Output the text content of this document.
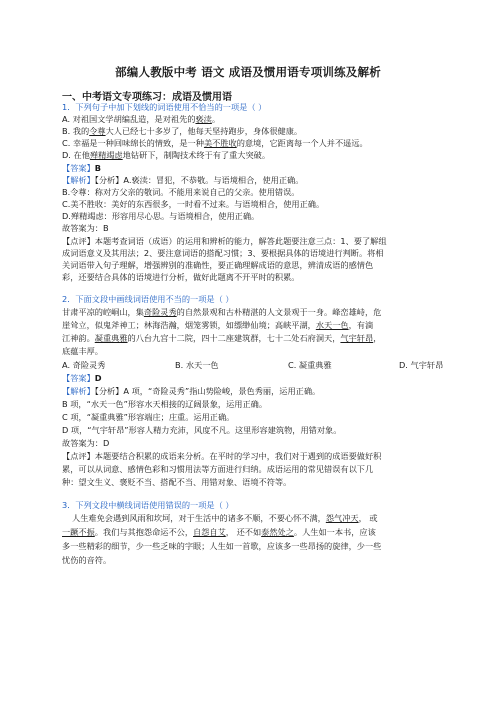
部编人教版中考 语文 成语及惯用语专项训练及解析
一、中考语文专项练习：成语及惯用语
1．下列句子中加下划线的词语使用不恰当的一项是（ ）
A. 对祖国文学胡编乱造，是对祖先的亵渎。
B. 我的令尊大人已经七十多岁了，他每天坚持跑步，身体很健康。
C. 幸福是一种回味绵长的情致，是一种美不胜收的意境，它距离每一个人并不遥远。
D. 在他殚精竭虑地钻研下，制陶技术终于有了重大突破。
【答案】B
【解析】【分析】A.亵渎：冒犯，不恭敬。与语境相合，使用正确。
B.令尊：称对方父亲的敬词。不能用来说自己的父亲。使用错误。
C.美不胜收：美好的东西很多，一时看不过来。与语境相合，使用正确。
D.殚精竭虑：形容用尽心思。与语境相合，使用正确。
故答案为：B
【点评】本题考查词语（成语）的运用和辨析的能力，解答此题要注意三点：1、要了解组
成词语意义及其用法；2、要注意词语的搭配习惯；3、要根据具体的语境进行判断。将相
关词语带入句子理解，增强辨别的准确性，要正确理解成语的意思，辨清成语的感情色
彩，还要结合具体的语境进行分析，做好此题离不开平时的积累。
2．下面文段中画线词语使用不当的一项是（ ）
甘肃平凉的崆峒山，集奇险灵秀的自然景观和古朴精湛的人文景观于一身。峰峦雄峙，危
崖耸立，似鬼斧神工；林海浩瀚，烟笼雾锁，如缥缈仙境；高峡平湖，水天一色，有滴
江神韵。凝重典雅的八台九宫十二院，四十二座建筑群，七十二处石府洞天，气宇轩昂，
底蕴丰厚。
A. 奇险灵秀	B. 水天一色	C. 凝重典雅	D. 气宇轩昂
【答案】D
【解析】【分析】A 项，“奇险灵秀”指山势险峻，景色秀丽，运用正确。
B 项，“水天一色”形容水天相接的辽阔景象，运用正确。
C 项，“凝重典雅”形容端庄；庄重。运用正确。
D 项，“气宇轩昂”形容人精力充沛，风度不凡。这里形容建筑物，用错对象。
故答案为：D
【点评】本题要结合积累的成语来分析。在平时的学习中，我们对于遇到的成语要做好积
累，可以从词意、感情色彩和习惯用法等方面进行归纳。成语运用的常见错误有以下几
种：望文生义、褒贬不当、搭配不当、用错对象、语境不符等。
3．下列文段中横线词语使用错误的一项是（ ）
人生难免会遇到风雨和坎坷，对于生活中的诸多不顺，不要心怀不满，怨气冲天， 或
一蹶不振。我们与其抱怨命运不公，自怨自艾， 还不如泰然处之。人生如一本书，应该
多一些精彩的细节，少一些乏味的字眼；人生如一首歌，应该多一些昂扬的旋律，少一些
忧伤的音符。
